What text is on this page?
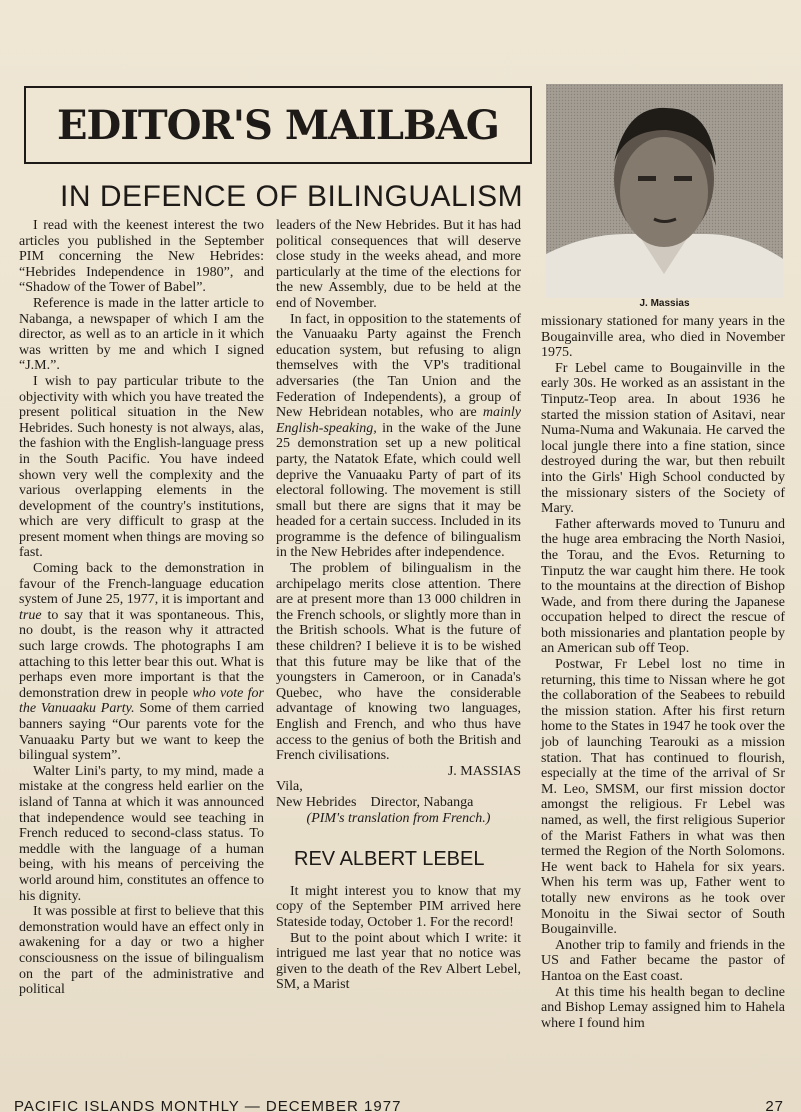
EDITOR'S MAILBAG
IN DEFENCE OF BILINGUALISM
J. Massias

I read with the keenest interest the two articles you published in the September PIM concerning the New Hebrides: “Hebrides Independence in 1980”, and “Shadow of the Tower of Babel”.

Reference is made in the latter article to Nabanga, a newspaper of which I am the director, as well as to an article in it which was written by me and which I signed “J.M.”.

I wish to pay particular tribute to the objectivity with which you have treated the present political situation in the New Hebrides. Such honesty is not always, alas, the fashion with the English-language press in the South Pacific. You have indeed shown very well the complexity and the various overlapping elements in the development of the country's institutions, which are very difficult to grasp at the present moment when things are moving so fast.

Coming back to the demonstration in favour of the French-language education system of June 25, 1977, it is important and true to say that it was spontaneous. This, no doubt, is the reason why it attracted such large crowds. The photographs I am attaching to this letter bear this out. What is perhaps even more important is that the demonstration drew in people who vote for the Vanuaaku Party. Some of them carried banners saying “Our parents vote for the Vanuaaku Party but we want to keep the bilingual system”.

Walter Lini's party, to my mind, made a mistake at the congress held earlier on the island of Tanna at which it was announced that independence would see teaching in French reduced to second-class status. To meddle with the language of a human being, with his means of perceiving the world around him, constitutes an offence to his dignity.

It was possible at first to believe that this demonstration would have an effect only in awakening for a day or two a higher consciousness on the issue of bilingualism on the part of the administrative and political

leaders of the New Hebrides. But it has had political consequences that will deserve close study in the weeks ahead, and more particularly at the time of the elections for the new Assembly, due to be held at the end of November.

In fact, in opposition to the statements of the Vanuaaku Party against the French education system, but refusing to align themselves with the VP's traditional adversaries (the Tan Union and the Federation of Independents), a group of New Hebridean notables, who are mainly English-speaking, in the wake of the June 25 demonstration set up a new political party, the Natatok Efate, which could well deprive the Vanuaaku Party of part of its electoral following. The movement is still small but there are signs that it may be headed for a certain success. Included in its programme is the defence of bilingualism in the New Hebrides after independence.

The problem of bilingualism in the archipelago merits close attention. There are at present more than 13 000 children in the French schools, or slightly more than in the British schools. What is the future of these children? I believe it is to be wished that this future may be like that of the youngsters in Cameroon, or in Canada's Quebec, who have the considerable advantage of knowing two languages, English and French, and who thus have access to the genius of both the British and French civilisations.

J. MASSIAS

Vila,

New Hebrides    Director, Nabanga

(PIM's translation from French.)

REV ALBERT LEBEL

It might interest you to know that my copy of the September PIM arrived here Stateside today, October 1. For the record!

But to the point about which I write: it intrigued me last year that no notice was given to the death of the Rev Albert Lebel, SM, a Marist

missionary stationed for many years in the Bougainville area, who died in November 1975.

Fr Lebel came to Bougainville in the early 30s. He worked as an assistant in the Tinputz-Teop area. In about 1936 he started the mission station of Asitavi, near Numa-Numa and Wakunaia. He carved the local jungle there into a fine station, since destroyed during the war, but then rebuilt into the Girls' High School conducted by the missionary sisters of the Society of Mary.

Father afterwards moved to Tunuru and the huge area embracing the North Nasioi, the Torau, and the Evos. Returning to Tinputz the war caught him there. He took to the mountains at the direction of Bishop Wade, and from there during the Japanese occupation helped to direct the rescue of both missionaries and plantation people by an American sub off Teop.

Postwar, Fr Lebel lost no time in returning, this time to Nissan where he got the collaboration of the Seabees to rebuild the mission station. After his first return home to the States in 1947 he took over the job of launching Tearouki as a mission station. That has continued to flourish, especially at the time of the arrival of Sr M. Leo, SMSM, our first mission doctor amongst the religious. Fr Lebel was named, as well, the first religious Superior of the Marist Fathers in what was then termed the Region of the North Solomons. He went back to Hahela for six years. When his term was up, Father went to totally new environs as he took over Monoitu in the Siwai sector of South Bougainville.

Another trip to family and friends in the US and Father became the pastor of Hantoa on the East coast.

At this time his health began to decline and Bishop Lemay assigned him to Hahela where I found him

PACIFIC ISLANDS MONTHLY — DECEMBER 1977	27
